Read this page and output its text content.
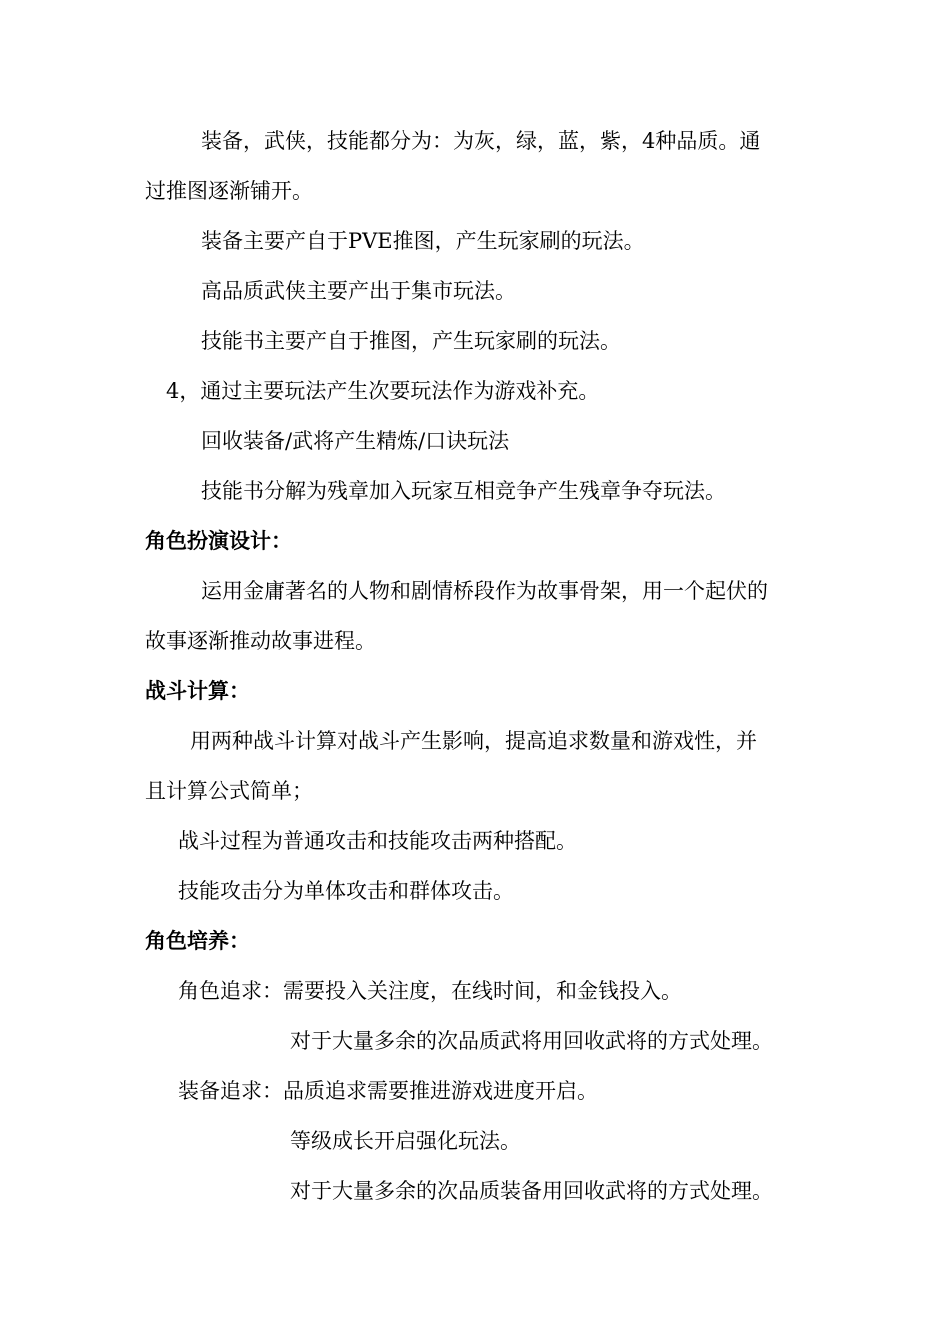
装备，武侠，技能都分为：为灰，绿，蓝，紫，4种品质。通
过推图逐渐铺开。
装备主要产自于PVE推图，产生玩家刷的玩法。
高品质武侠主要产出于集市玩法。
技能书主要产自于推图，产生玩家刷的玩法。
4，通过主要玩法产生次要玩法作为游戏补充。
回收装备/武将产生精炼/口诀玩法
技能书分解为残章加入玩家互相竞争产生残章争夺玩法。
角色扮演设计：
运用金庸著名的人物和剧情桥段作为故事骨架，用一个起伏的
故事逐渐推动故事进程。
战斗计算：
用两种战斗计算对战斗产生影响，提高追求数量和游戏性，并
且计算公式简单；
战斗过程为普通攻击和技能攻击两种搭配。
技能攻击分为单体攻击和群体攻击。
角色培养：
角色追求：需要投入关注度，在线时间，和金钱投入。
对于大量多余的次品质武将用回收武将的方式处理。
装备追求：品质追求需要推进游戏进度开启。
等级成长开启强化玩法。
对于大量多余的次品质装备用回收武将的方式处理。
